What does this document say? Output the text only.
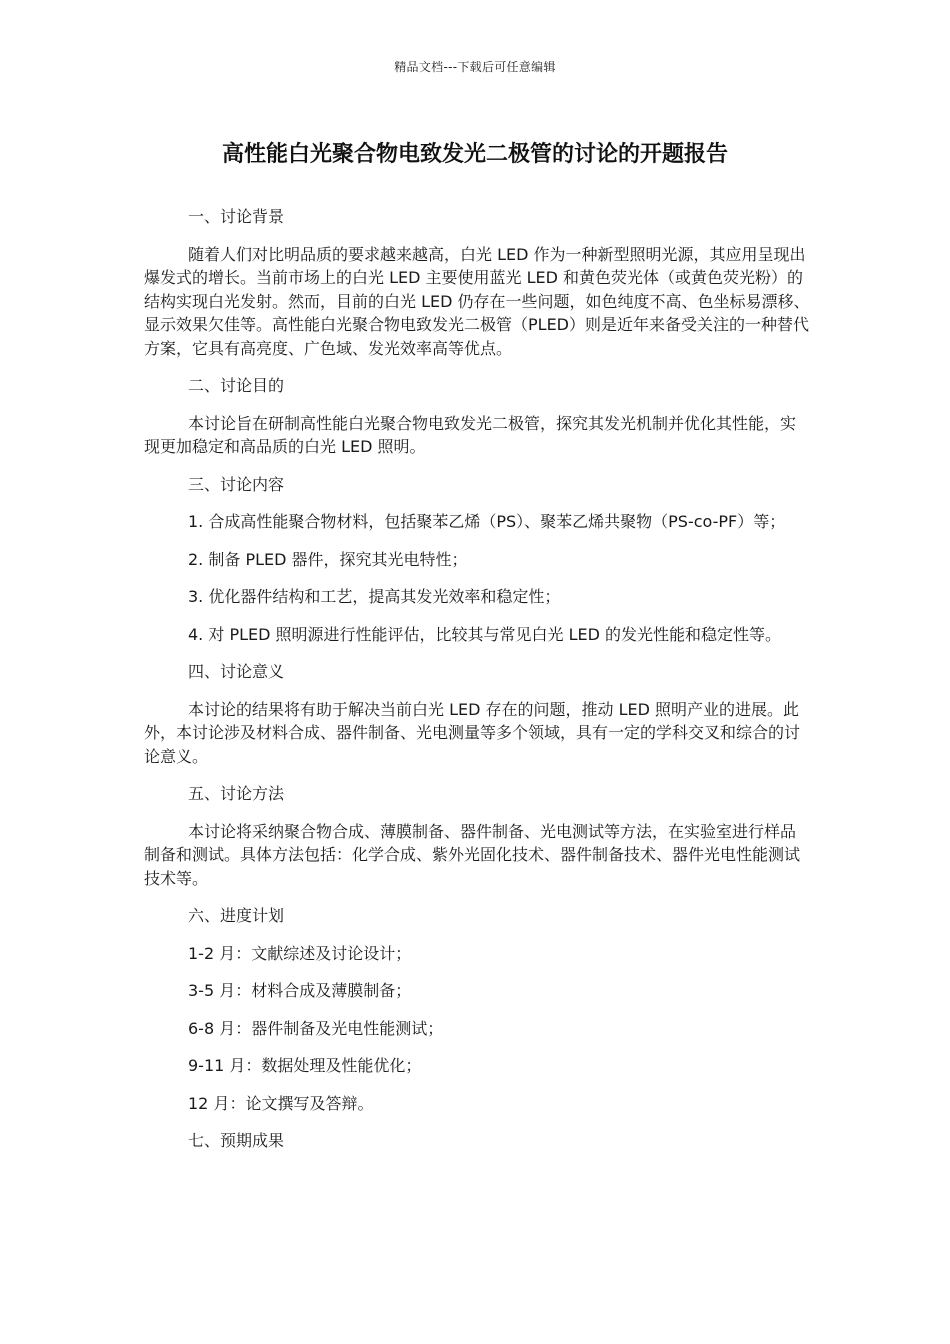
精品文档---下载后可任意编辑
高性能白光聚合物电致发光二极管的讨论的开题报告

一、讨论背景

随着人们对比明品质的要求越来越高，白光 LED 作为一种新型照明光源，其应用呈现出爆发式的增长。当前市场上的白光 LED 主要使用蓝光 LED 和黄色荧光体（或黄色荧光粉）的结构实现白光发射。然而，目前的白光 LED 仍存在一些问题，如色纯度不高、色坐标易漂移、显示效果欠佳等。高性能白光聚合物电致发光二极管（PLED）则是近年来备受关注的一种替代方案，它具有高亮度、广色域、发光效率高等优点。

二、讨论目的

本讨论旨在研制高性能白光聚合物电致发光二极管，探究其发光机制并优化其性能，实现更加稳定和高品质的白光 LED 照明。

三、讨论内容

1. 合成高性能聚合物材料，包括聚苯乙烯（PS）、聚苯乙烯共聚物（PS-co-PF）等；

2. 制备 PLED 器件，探究其光电特性；

3. 优化器件结构和工艺，提高其发光效率和稳定性；

4. 对 PLED 照明源进行性能评估，比较其与常见白光 LED 的发光性能和稳定性等。

四、讨论意义

本讨论的结果将有助于解决当前白光 LED 存在的问题，推动 LED 照明产业的进展。此外，本讨论涉及材料合成、器件制备、光电测量等多个领域，具有一定的学科交叉和综合的讨论意义。

五、讨论方法

本讨论将采纳聚合物合成、薄膜制备、器件制备、光电测试等方法，在实验室进行样品制备和测试。具体方法包括：化学合成、紫外光固化技术、器件制备技术、器件光电性能测试技术等。

六、进度计划

1-2 月：文献综述及讨论设计；

3-5 月：材料合成及薄膜制备；

6-8 月：器件制备及光电性能测试；

9-11 月：数据处理及性能优化；

12 月：论文撰写及答辩。

七、预期成果
